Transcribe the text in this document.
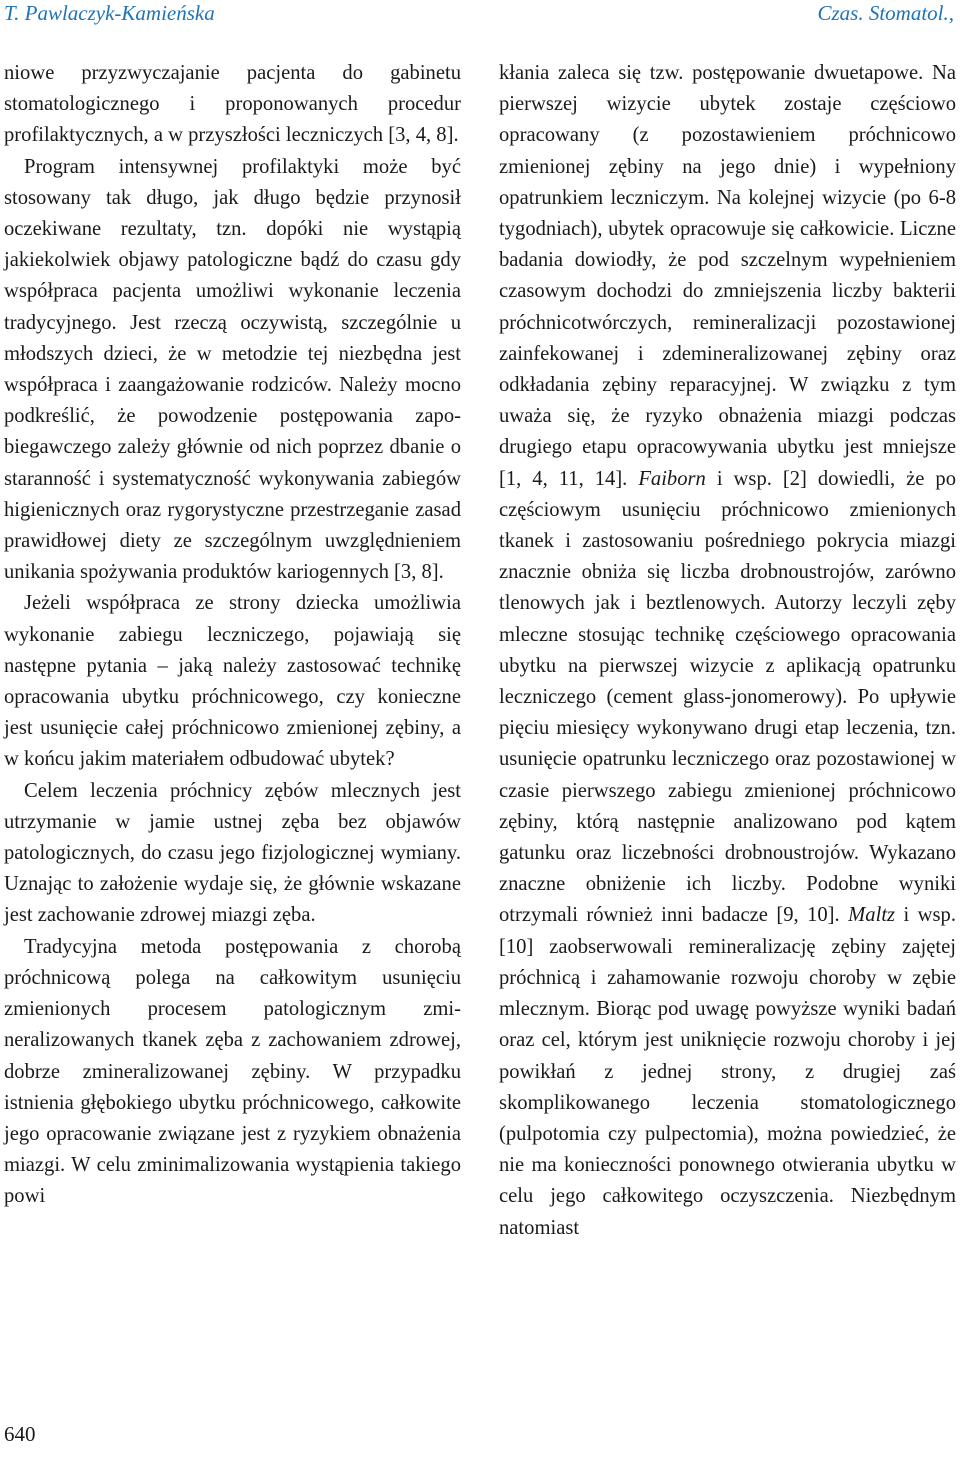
T. Pawlaczyk-Kamieńska	Czas. Stomatol.,

niowe przyzwyczajanie pacjenta do gabinetu stomatologicznego i proponowanych procedur profilaktycznych, a w przyszłości leczniczych [3, 4, 8].

Program intensywnej profilaktyki może być stosowany tak długo, jak długo będzie przynosił oczekiwane rezultaty, tzn. dopóki nie wystąpią jakiekolwiek objawy patologiczne bądź do czasu gdy współpraca pacjenta umożliwi wykonanie leczenia tradycyjnego. Jest rzeczą oczywistą, szczególnie u młodszych dzieci, że w metodzie tej niezbędna jest współpraca i zaangażowanie rodziców. Należy mocno podkreślić, że powodzenie postępowania zapobiegawczego zależy głównie od nich poprzez dbanie o staranność i systematyczność wykonywania zabiegów higienicznych oraz rygorystyczne przestrzeganie zasad prawidłowej diety ze szczególnym uwzględnieniem unikania spożywania produktów kariogennych [3, 8].

Jeżeli współpraca ze strony dziecka umożliwia wykonanie zabiegu leczniczego, pojawiają się następne pytania – jaką należy zastosować technikę opracowania ubytku próchnicowego, czy konieczne jest usunięcie całej próchnicowo zmienionej zębiny, a w końcu jakim materiałem odbudować ubytek?

Celem leczenia próchnicy zębów mlecznych jest utrzymanie w jamie ustnej zęba bez objawów patologicznych, do czasu jego fizjologicznej wymiany. Uznając to założenie wydaje się, że głównie wskazane jest zachowanie zdrowej miazgi zęba.

Tradycyjna metoda postępowania z chorobą próchnicową polega na całkowitym usunięciu zmienionych procesem patologicznym zmineralizowanych tkanek zęba z zachowaniem zdrowej, dobrze zmineralizowanej zębiny. W przypadku istnienia głębokiego ubytku próchnicowego, całkowite jego opracowanie związane jest z ryzykiem obnażenia miazgi. W celu zminimalizowania wystąpienia takiego powi

kłania zaleca się tzw. postępowanie dwuetapowe. Na pierwszej wizycie ubytek zostaje częściowo opracowany (z pozostawieniem próchnicowo zmienionej zębiny na jego dnie) i wypełniony opatrunkiem leczniczym. Na kolejnej wizycie (po 6-8 tygodniach), ubytek opracowuje się całkowicie. Liczne badania dowiodły, że pod szczelnym wypełnieniem czasowym dochodzi do zmniejszenia liczby bakterii próchnicotwórczych, remineralizacji pozostawionej zainfekowanej i zdemineralizowanej zębiny oraz odkładania zębiny reparacyjnej. W związku z tym uważa się, że ryzyko obnażenia miazgi podczas drugiego etapu opracowywania ubytku jest mniejsze [1, 4, 11, 14]. Faiborn i wsp. [2] dowiedli, że po częściowym usunięciu próchnicowo zmienionych tkanek i zastosowaniu pośredniego pokrycia miazgi znacznie obniża się liczba drobnoustrojów, zarówno tlenowych jak i beztlenowych. Autorzy leczyli zęby mleczne stosując technikę częściowego opracowania ubytku na pierwszej wizycie z aplikacją opatrunku leczniczego (cement glass-jonomerowy). Po upływie pięciu miesięcy wykonywano drugi etap leczenia, tzn. usunięcie opatrunku leczniczego oraz pozostawionej w czasie pierwszego zabiegu zmienionej próchnicowo zębiny, którą następnie analizowano pod kątem gatunku oraz liczebności drobnoustrojów. Wykazano znaczne obniżenie ich liczby. Podobne wyniki otrzymali również inni badacze [9, 10]. Maltz i wsp. [10] zaobserwowali remineralizację zębiny zajętej próchnicą i zahamowanie rozwoju choroby w zębie mlecznym. Biorąc pod uwagę powyższe wyniki badań oraz cel, którym jest uniknięcie rozwoju choroby i jej powikłań z jednej strony, z drugiej zaś skomplikowanego leczenia stomatologicznego (pulpotomia czy pulpectomia), można powiedzieć, że nie ma konieczności ponownego otwierania ubytku w celu jego całkowitego oczyszczenia. Niezbędnym natomiast

640
